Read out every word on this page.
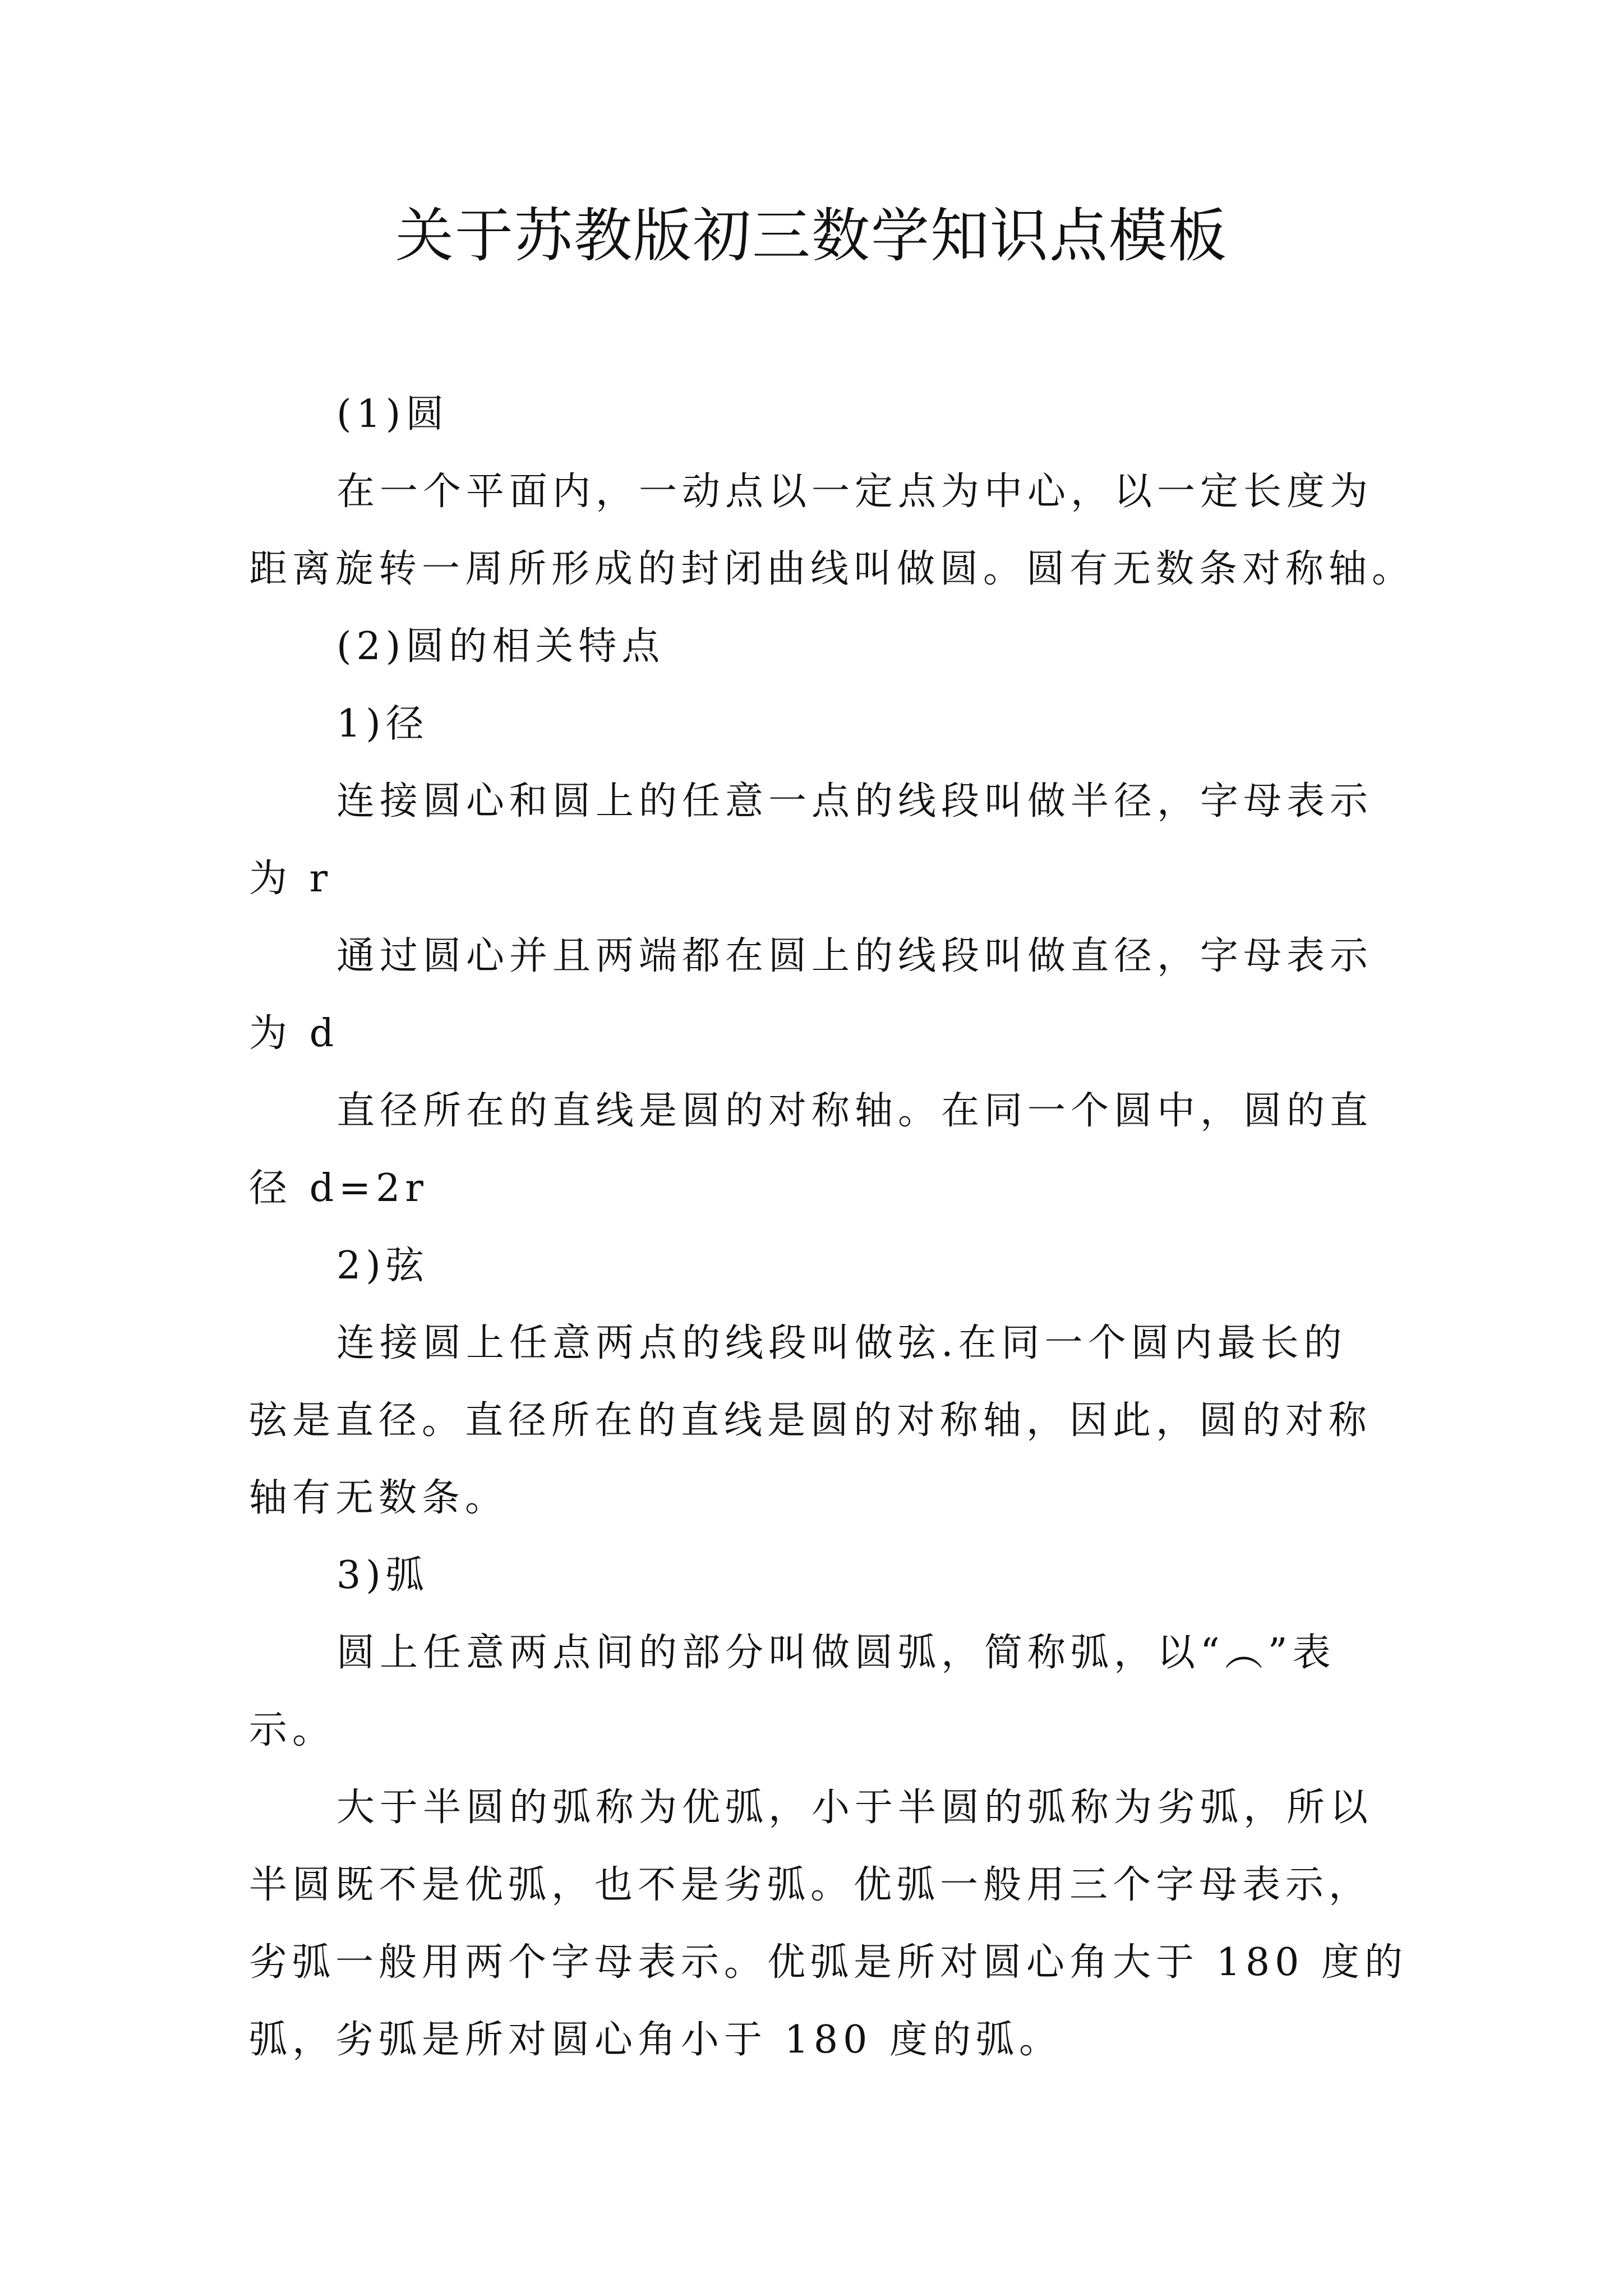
关于苏教版初三数学知识点模板

(1)圆

在一个平面内，一动点以一定点为中心，以一定长度为
距离旋转一周所形成的封闭曲线叫做圆。圆有无数条对称轴。

(2)圆的相关特点

1)径

连接圆心和圆上的任意一点的线段叫做半径，字母表示
为 r

通过圆心并且两端都在圆上的线段叫做直径，字母表示
为 d

直径所在的直线是圆的对称轴。在同一个圆中，圆的直
径 d=2r

2)弦

连接圆上任意两点的线段叫做弦.在同一个圆内最长的
弦是直径。直径所在的直线是圆的对称轴，因此，圆的对称
轴有无数条。

3)弧

圆上任意两点间的部分叫做圆弧，简称弧，以“︵”表
示。

大于半圆的弧称为优弧，小于半圆的弧称为劣弧，所以
半圆既不是优弧，也不是劣弧。优弧一般用三个字母表示，
劣弧一般用两个字母表示。优弧是所对圆心角大于 180 度的
弧，劣弧是所对圆心角小于 180 度的弧。
